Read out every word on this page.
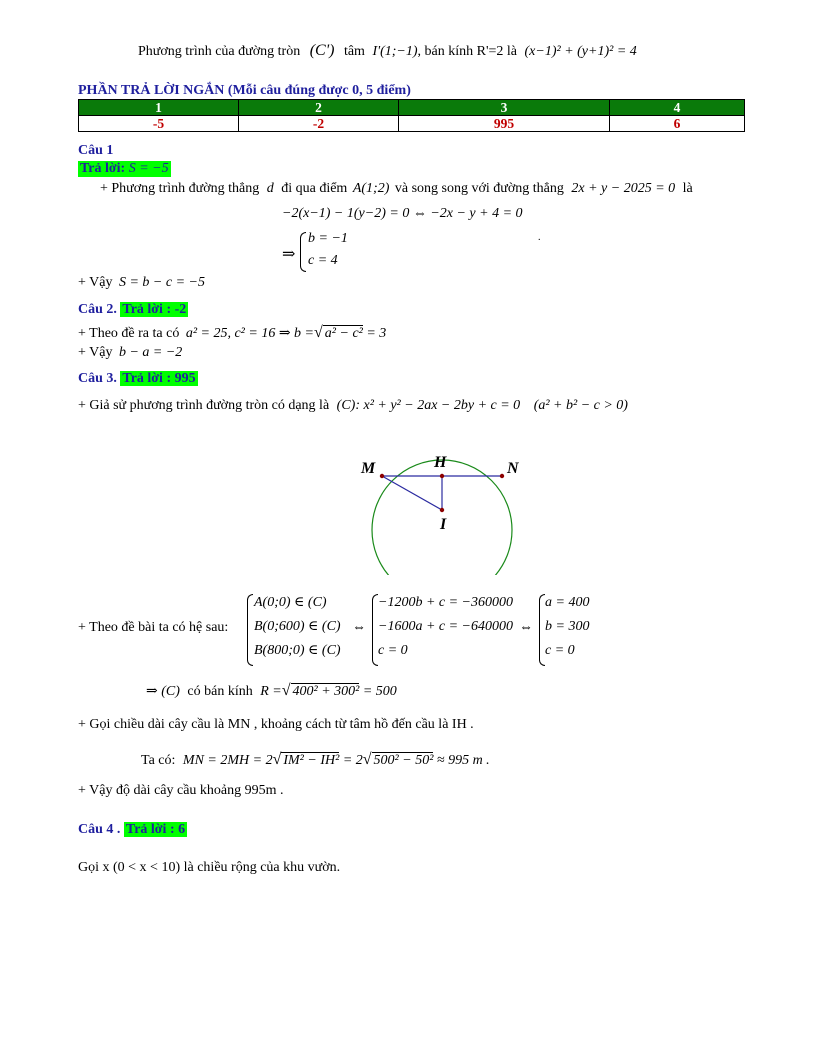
Phương trình của đường tròn (C') tâm I'(1;−1), bán kính R'=2 là (x−1)² + (y+1)² = 4
PHẦN TRẢ LỜI NGẮN (Mỗi câu đúng được 0, 5 điểm)
1	2	3	4
-5	-2	995	6
Câu 1
Trả lời: S = −5
+ Phương trình đường thẳng d đi qua điểm A(1;2) và song song với đường thẳng 2x + y − 2025 = 0 là
−2(x−1) − 1(y−2) = 0 ⇔ −2x − y + 4 = 0
⇒
b = −1
c = 4
.
+ Vậy S = b − c = −5
Câu 2. Trả lời : -2
+ Theo đề ra ta có a² = 25, c² = 16 ⇒ b =√ a² − c² = 3
+ Vậy b − a = −2
Câu 3. Trả lời : 995
+ Giả sử phương trình đường tròn có dạng là (C): x² + y² − 2ax − 2by + c = 0 (a² + b² − c > 0)
M	H	N
I
+ Theo đề bài ta có hệ sau:
A(0;0) ∈ (C)
B(0;600) ∈ (C)
B(800;0) ∈ (C)
⇔
−1200b + c = −360000
−1600a + c = −640000
c = 0
⇔
a = 400
b = 300
c = 0
⇒ (C) có bán kính R =√ 400² + 300² = 500
+ Gọi chiều dài cây cầu là MN , khoảng cách từ tâm hồ đến cầu là IH .
Ta có: MN = 2MH = 2√ IM² − IH² = 2√ 500² − 50² ≈ 995 m .
+ Vậy độ dài cây cầu khoảng 995m .
Câu 4 . Trả lời : 6
Gọi x (0 < x < 10) là chiều rộng của khu vườn.
